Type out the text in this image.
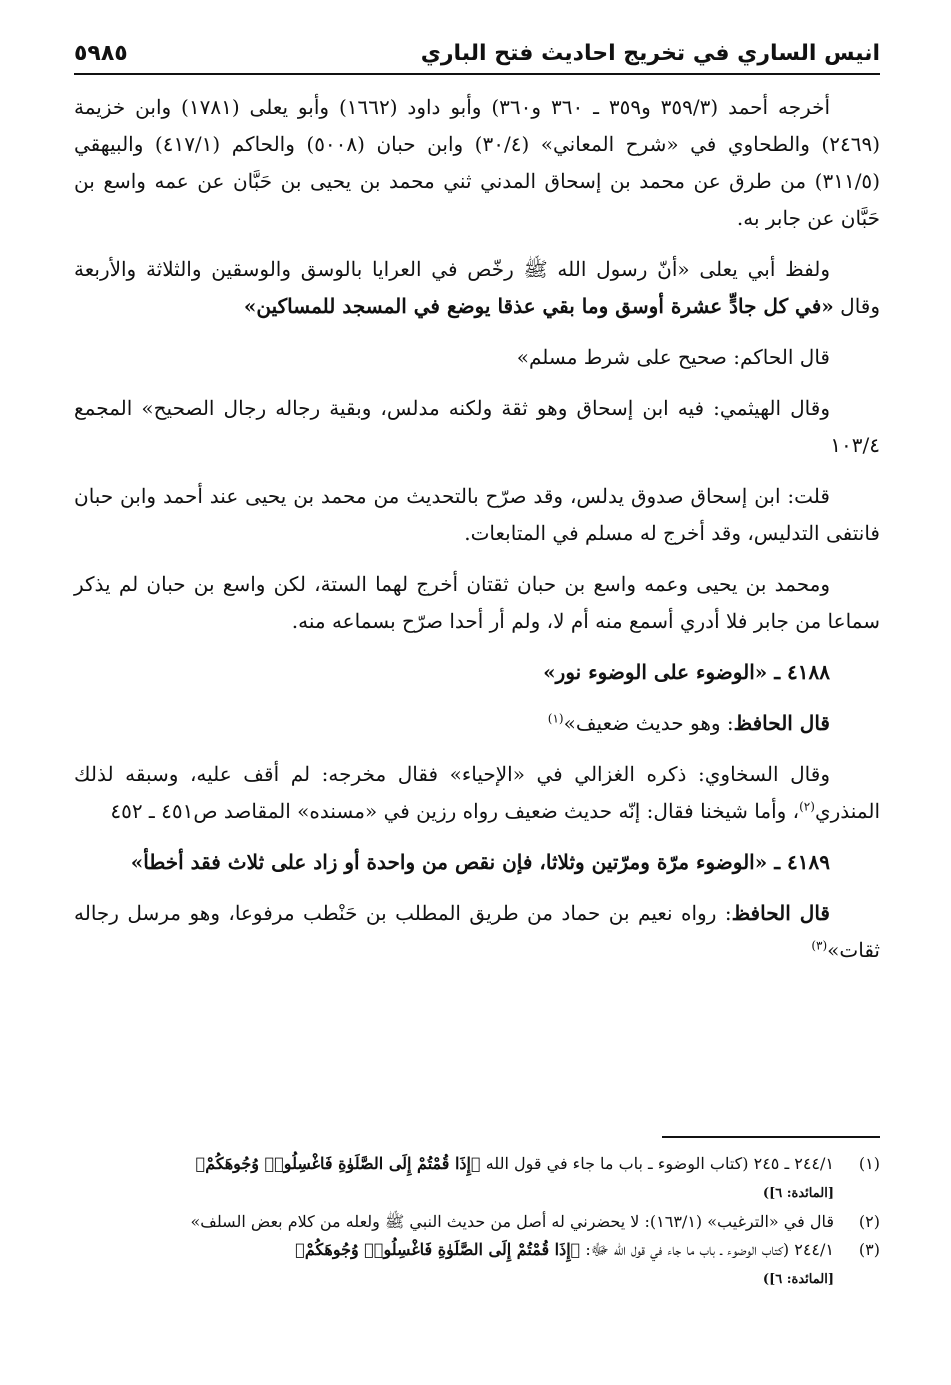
انيس الساري في تخريج احاديث فتح الباري
٥٩٨٥

أخرجه أحمد (٣٥٩/٣ و٣٥٩ ـ ٣٦٠ و٣٦٠) وأبو داود (١٦٦٢) وأبو يعلى (١٧٨١) وابن خزيمة (٢٤٦٩) والطحاوي في «شرح المعاني» (٣٠/٤) وابن حبان (٥٠٠٨) والحاكم (٤١٧/١) والبيهقي (٣١١/٥) من طرق عن محمد بن إسحاق المدني ثني محمد بن يحيى بن حَبَّان عن عمه واسع بن حَبَّان عن جابر به.

ولفظ أبي يعلى «أنّ رسول الله ﷺ رخّص في العرايا بالوسق والوسقين والثلاثة والأربعة وقال «في كل جادٍّ عشرة أوسق وما بقي عذقا يوضع في المسجد للمساكين»

قال الحاكم: صحيح على شرط مسلم»

وقال الهيثمي: فيه ابن إسحاق وهو ثقة ولكنه مدلس، وبقية رجاله رجال الصحيح» المجمع ١٠٣/٤

قلت: ابن إسحاق صدوق يدلس، وقد صرّح بالتحديث من محمد بن يحيى عند أحمد وابن حبان فانتفى التدليس، وقد أخرج له مسلم في المتابعات.

ومحمد بن يحيى وعمه واسع بن حبان ثقتان أخرج لهما الستة، لكن واسع بن حبان لم يذكر سماعا من جابر فلا أدري أسمع منه أم لا، ولم أر أحدا صرّح بسماعه منه.

٤١٨٨ ـ «الوضوء على الوضوء نور»

قال الحافظ: وهو حديث ضعيف»$^{(١)}$

وقال السخاوي: ذكره الغزالي في «الإحياء» فقال مخرجه: لم أقف عليه، وسبقه لذلك المنذري$^{(٢)}$، وأما شيخنا فقال: إنّه حديث ضعيف رواه رزين في «مسنده» المقاصد ص٤٥١ ـ ٤٥٢

٤١٨٩ ـ «الوضوء مرّة ومرّتين وثلاثا، فإن نقص من واحدة أو زاد على ثلاث فقد أخطأ»

قال الحافظ: رواه نعيم بن حماد من طريق المطلب بن حَنْطب مرفوعا، وهو مرسل رجاله ثقات»$^{(٣)}$

(١)
٢٤٤/١ ـ ٢٤٥ (كتاب الوضوء ـ باب ما جاء في قول الله ﴿إِذَا قُمْتُمْ إِلَى الصَّلَوٰةِ فَاغْسِلُوا۟ وُجُوهَكُمْ﴾
[المائدة: ٦])

(٢)
قال في «الترغيب» (١٦٣/١): لا يحضرني له أصل من حديث النبي ﷺ ولعله من كلام بعض السلف»

(٣)
٢٤٤/١ (كتاب الوضوء ـ باب ما جاء في قول الله ﷻ: ﴿إِذَا قُمْتُمْ إِلَى الصَّلَوٰةِ فَاغْسِلُوا۟ وُجُوهَكُمْ﴾
[المائدة: ٦])
